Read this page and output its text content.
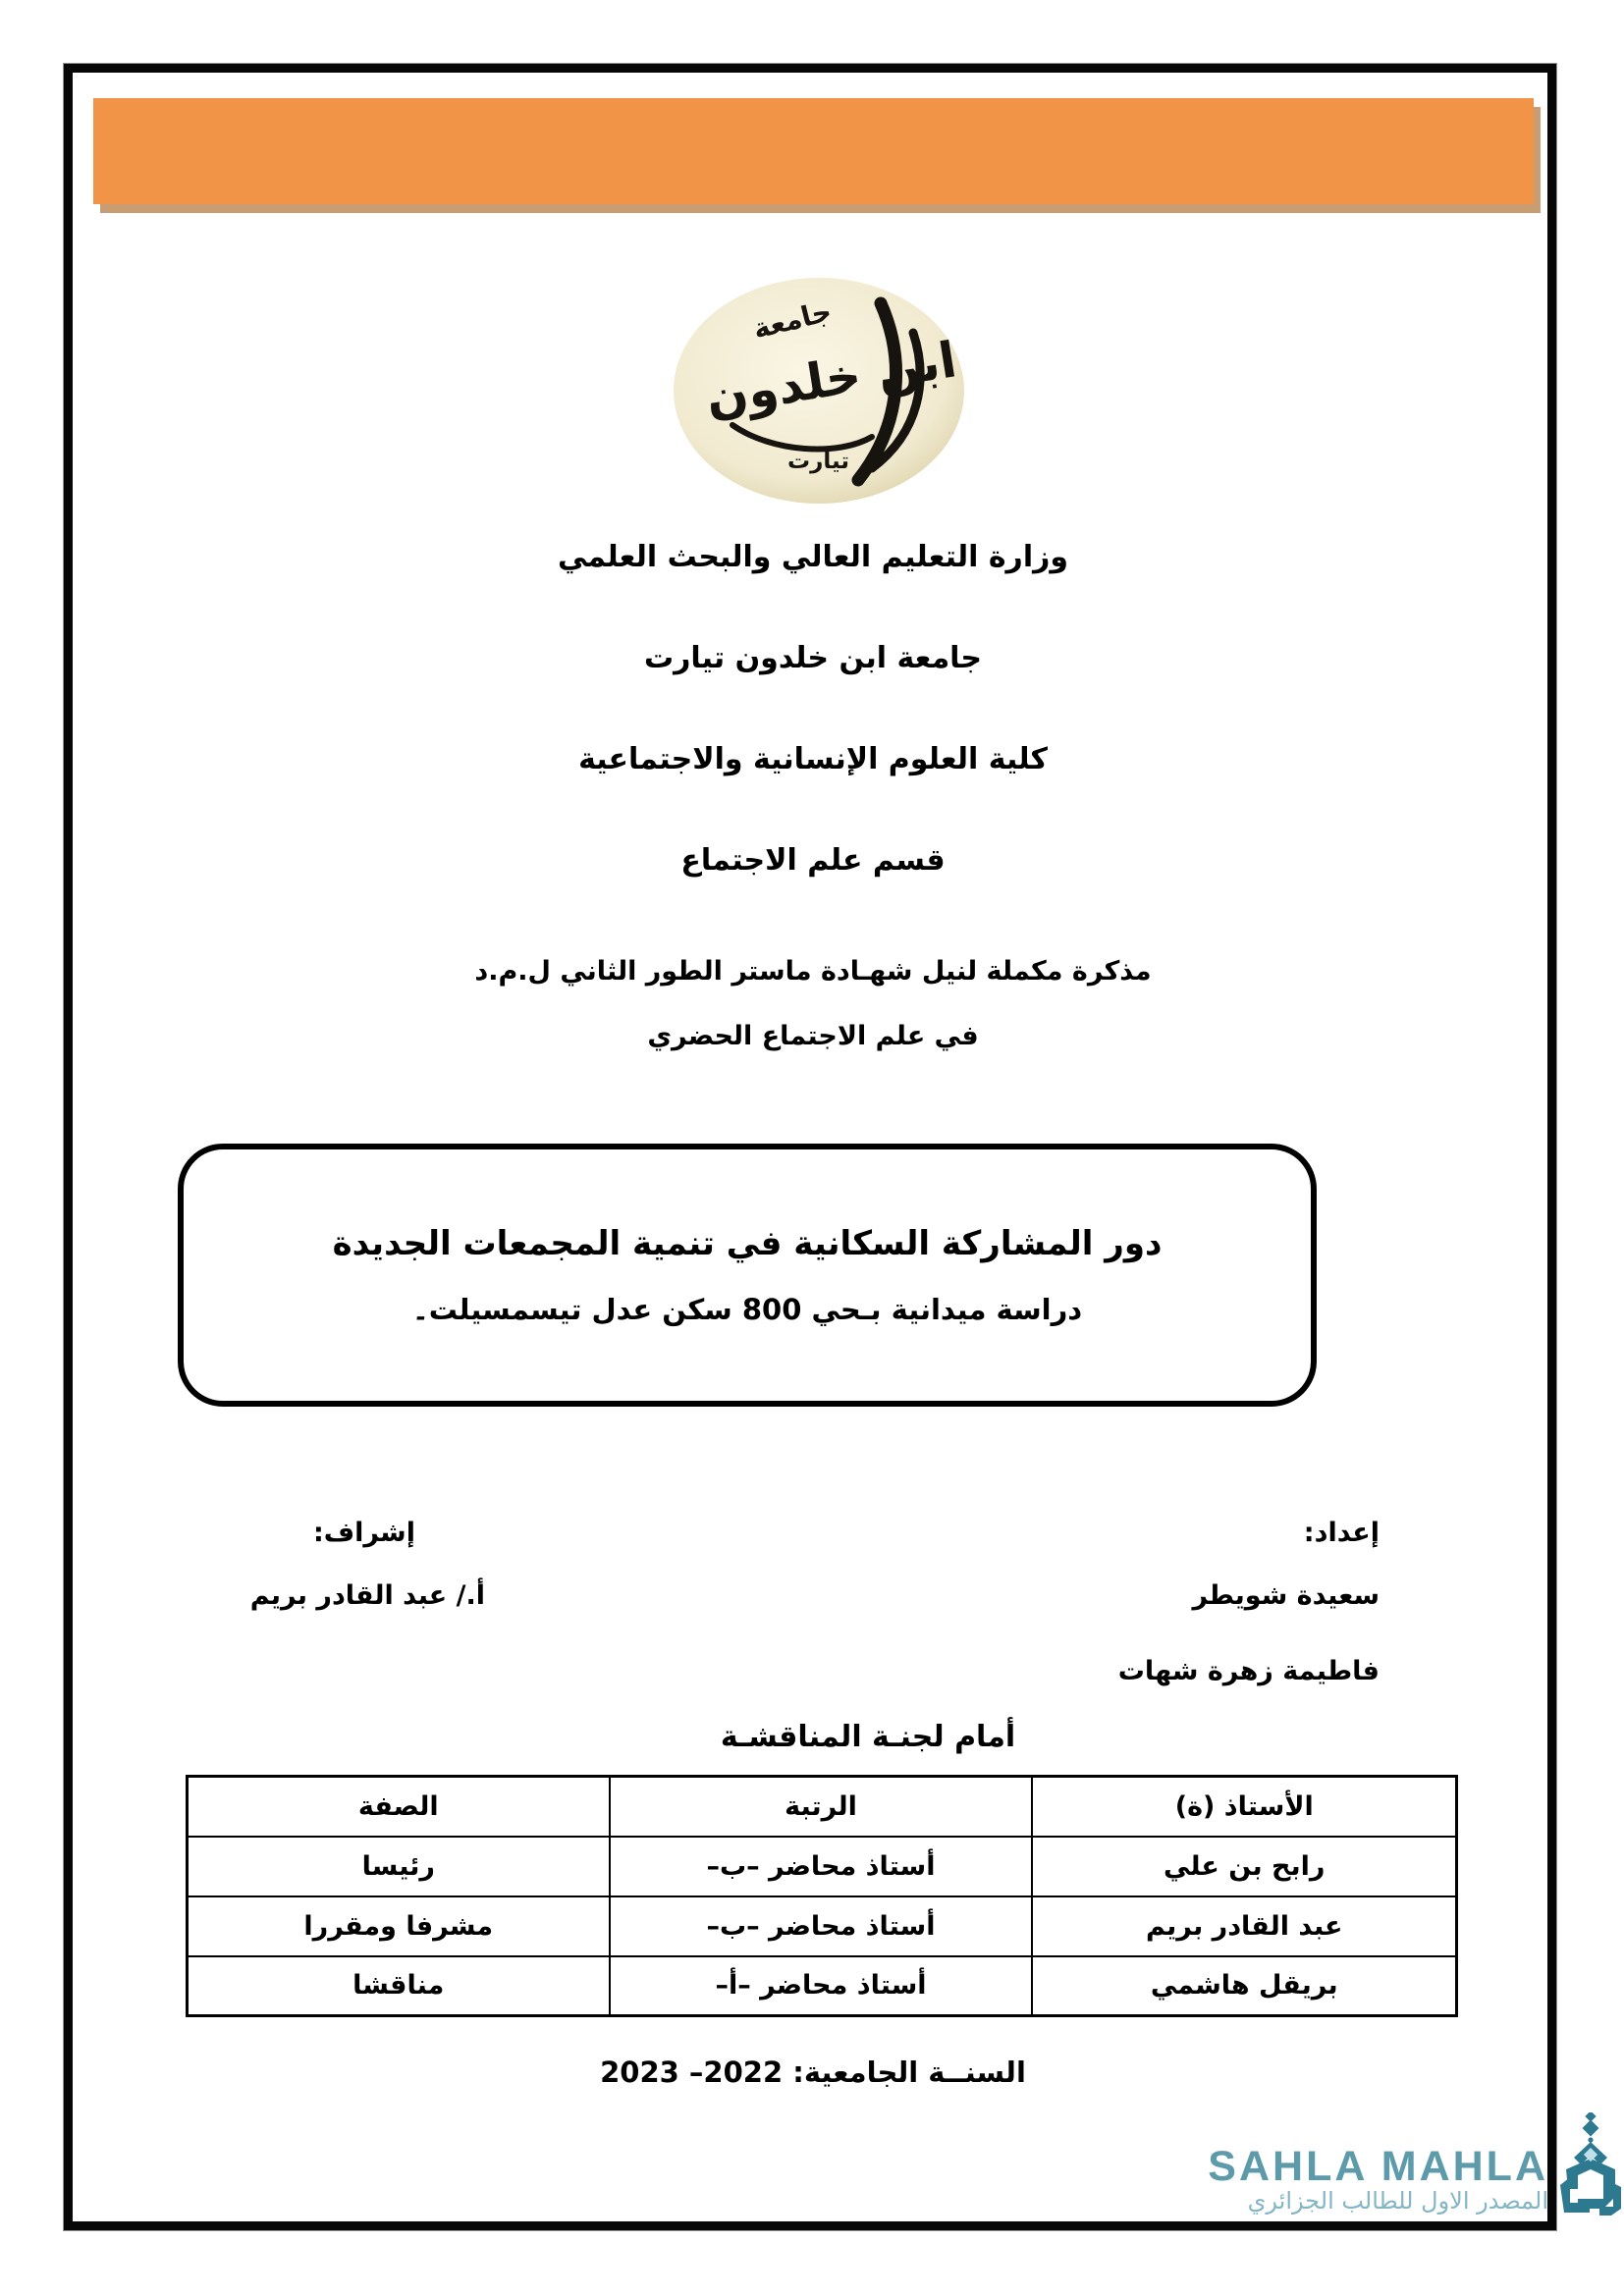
جامعة
ابن خلدون
تيارت
وزارة التعليم العالي والبحث العلمي
جامعة ابن خلدون تيارت
كلية العلوم الإنسانية والاجتماعية
قسم علم الاجتماع
مذكرة مكملة لنيل شهـادة ماستر الطور الثاني ل.م.د
في علم الاجتماع الحضري
دور المشاركة السكانية في تنمية المجمعات الجديدة
دراسة ميدانية بـحي 800 سكن عدل تيسمسيلت۔
إعداد:
سعيدة شويطر
فاطيمة زهرة شهات
إشراف:
أ./ عبد القادر بريم
أمام لجنـة المناقشـة
الأستاذ (ة)	الرتبة	الصفة
رابح بن علي	أستاذ محاضر –ب–	رئيسا
عبد القادر بريم	أستاذ محاضر –ب–	مشرفا ومقررا
بريقل هاشمي	أستاذ محاضر –أ–	مناقشا
السنــة الجامعية: 2022– 2023
SAHLA MAHLA
المصدر الاول للطالب الجزائري
